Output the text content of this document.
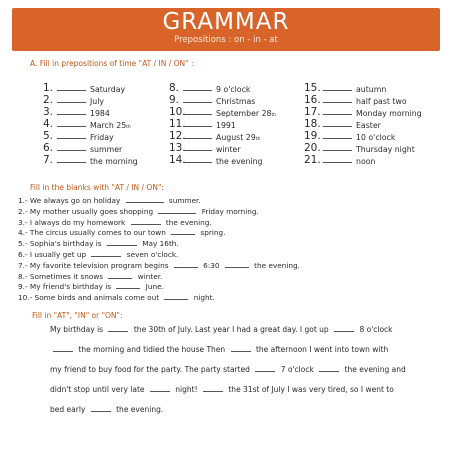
GRAMMAR
Prepositions : on - in - at
A. Fill in prepositions of time "AT / IN / ON" :
1.	Saturday
2.	July
3.	1984
4.	March 25 th
5.	Friday
6.	summer
7.	the morning
8.	9 o'clock
9.	Christmas
10.	September 28 th
11.	1991
12.	August 29 th
13.	winter
14.	the evening
15.	autumn
16.	half past two
17.	Monday morning
18.	Easter
19.	10 o'clock
20.	Thursday night
21.	noon
Fill in the blanks with "AT / IN / ON":
1.- We always go on holiday	summer.
2.- My mother usually goes shopping	Friday morning.
3.- I always do my homework	the evening.
4.- The circus usually comes to our town	spring.
5.- Sophia's birthday is	May 16th.
6.- I usually get up	seven o'clock.
7.- My favorite television program begins	6:30	the evening.
8.- Sometimes it snows	winter.
9.- My friend's birthday is	June.
10.- Some birds and animals come out	night.
Fill in "AT", "IN" or "ON":
My birthday is	the 30th of July. Last year I had a great day. I got up	8 o'clock
the morning and tidied the house Then	the afternoon I went into town with
my friend to buy food for the party. The party started	7 o'clock	the evening and
didn't stop until very late	night!	the 31st of July I was very tired, so I went to
bed early	the evening.
